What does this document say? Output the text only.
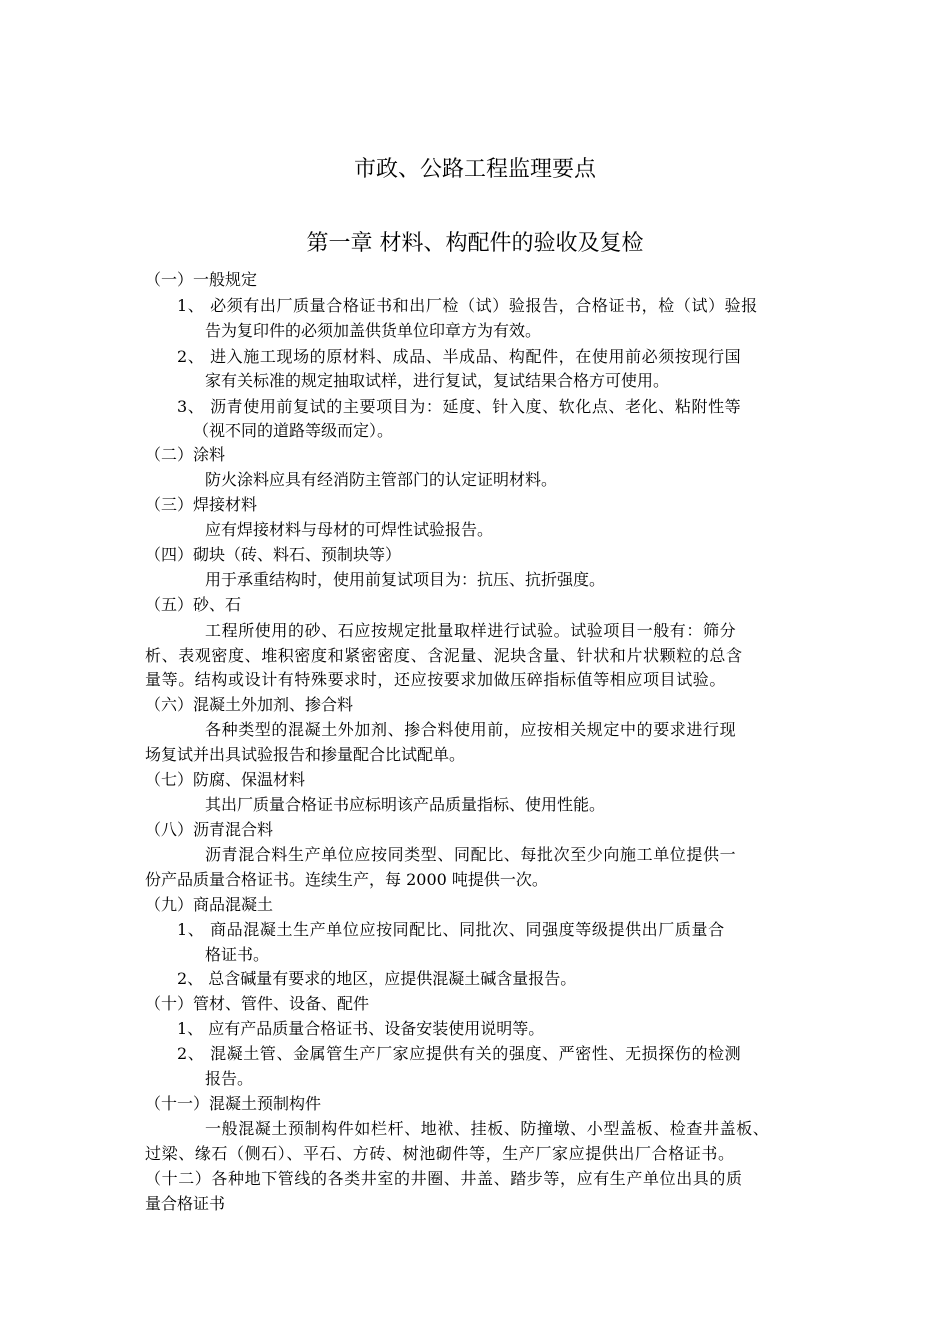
市政、公路工程监理要点
第一章 材料、构配件的验收及复检

（一）一般规定

1、 必须有出厂质量合格证书和出厂检（试）验报告，合格证书，检（试）验报

告为复印件的必须加盖供货单位印章方为有效。

2、 进入施工现场的原材料、成品、半成品、构配件，在使用前必须按现行国

家有关标准的规定抽取试样，进行复试，复试结果合格方可使用。

3、 沥青使用前复试的主要项目为：延度、针入度、软化点、老化、粘附性等

（视不同的道路等级而定）。

（二）涂料

防火涂料应具有经消防主管部门的认定证明材料。

（三）焊接材料

应有焊接材料与母材的可焊性试验报告。

（四）砌块（砖、料石、预制块等）

用于承重结构时，使用前复试项目为：抗压、抗折强度。

（五）砂、石

工程所使用的砂、石应按规定批量取样进行试验。试验项目一般有：筛分

析、表观密度、堆积密度和紧密密度、含泥量、泥块含量、针状和片状颗粒的总含

量等。结构或设计有特殊要求时，还应按要求加做压碎指标值等相应项目试验。

（六）混凝土外加剂、掺合料

各种类型的混凝土外加剂、掺合料使用前，应按相关规定中的要求进行现

场复试并出具试验报告和掺量配合比试配单。

（七）防腐、保温材料

其出厂质量合格证书应标明该产品质量指标、使用性能。

（八）沥青混合料

沥青混合料生产单位应按同类型、同配比、每批次至少向施工单位提供一

份产品质量合格证书。连续生产，每 2000 吨提供一次。

（九）商品混凝土

1、 商品混凝土生产单位应按同配比、同批次、同强度等级提供出厂质量合

格证书。

2、 总含碱量有要求的地区，应提供混凝土碱含量报告。

（十）管材、管件、设备、配件

1、 应有产品质量合格证书、设备安装使用说明等。

2、 混凝土管、金属管生产厂家应提供有关的强度、严密性、无损探伤的检测

报告。

（十一）混凝土预制构件

一般混凝土预制构件如栏杆、地袱、挂板、防撞墩、小型盖板、检查井盖板、

过梁、缘石（侧石）、平石、方砖、树池砌件等，生产厂家应提供出厂合格证书。

（十二）各种地下管线的各类井室的井圈、井盖、踏步等，应有生产单位出具的质

量合格证书
